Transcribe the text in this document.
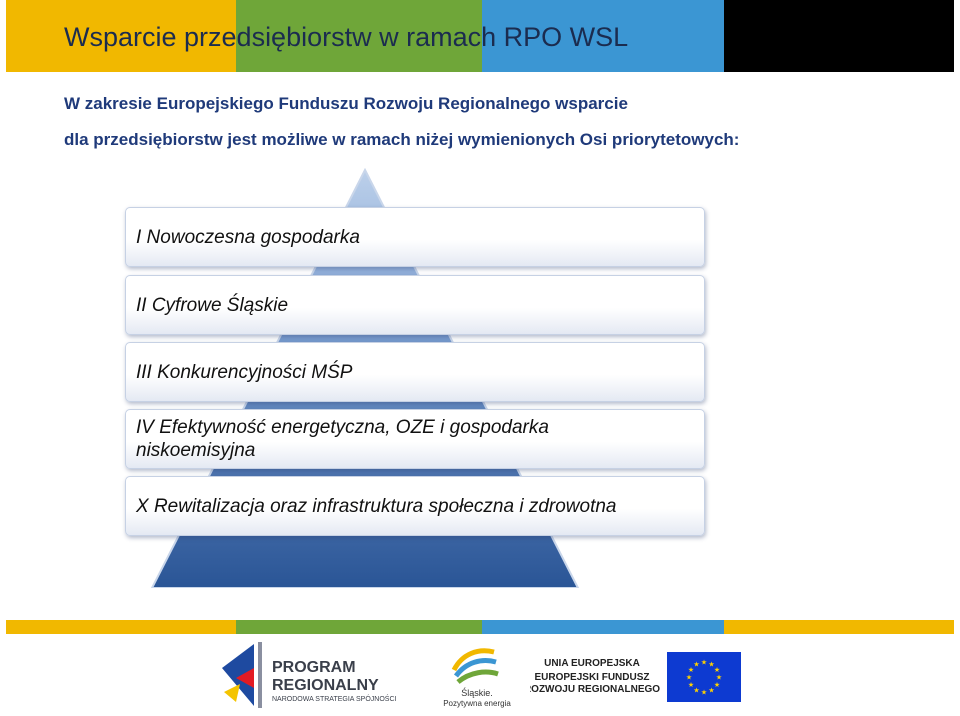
Wsparcie przedsiębiorstw w ramach RPO WSL
W zakresie Europejskiego Funduszu Rozwoju Regionalnego wsparcie
dla przedsiębiorstw jest możliwe w ramach niżej wymienionych Osi priorytetowych:
I Nowoczesna gospodarka
II Cyfrowe Śląskie
III Konkurencyjności MŚP
IV Efektywność energetyczna, OZE i gospodarka
niskoemisyjna
X Rewitalizacja oraz infrastruktura społeczna i zdrowotna
PROGRAM
REGIONALNY
NARODOWA STRATEGIA SPÓJNOŚCI
Śląskie.
Pozytywna energia
UNIA EUROPEJSKA
EUROPEJSKI FUNDUSZ
ROZWOJU REGIONALNEGO
★ ★
★
★
★
★
★
★
★
★
★
★
